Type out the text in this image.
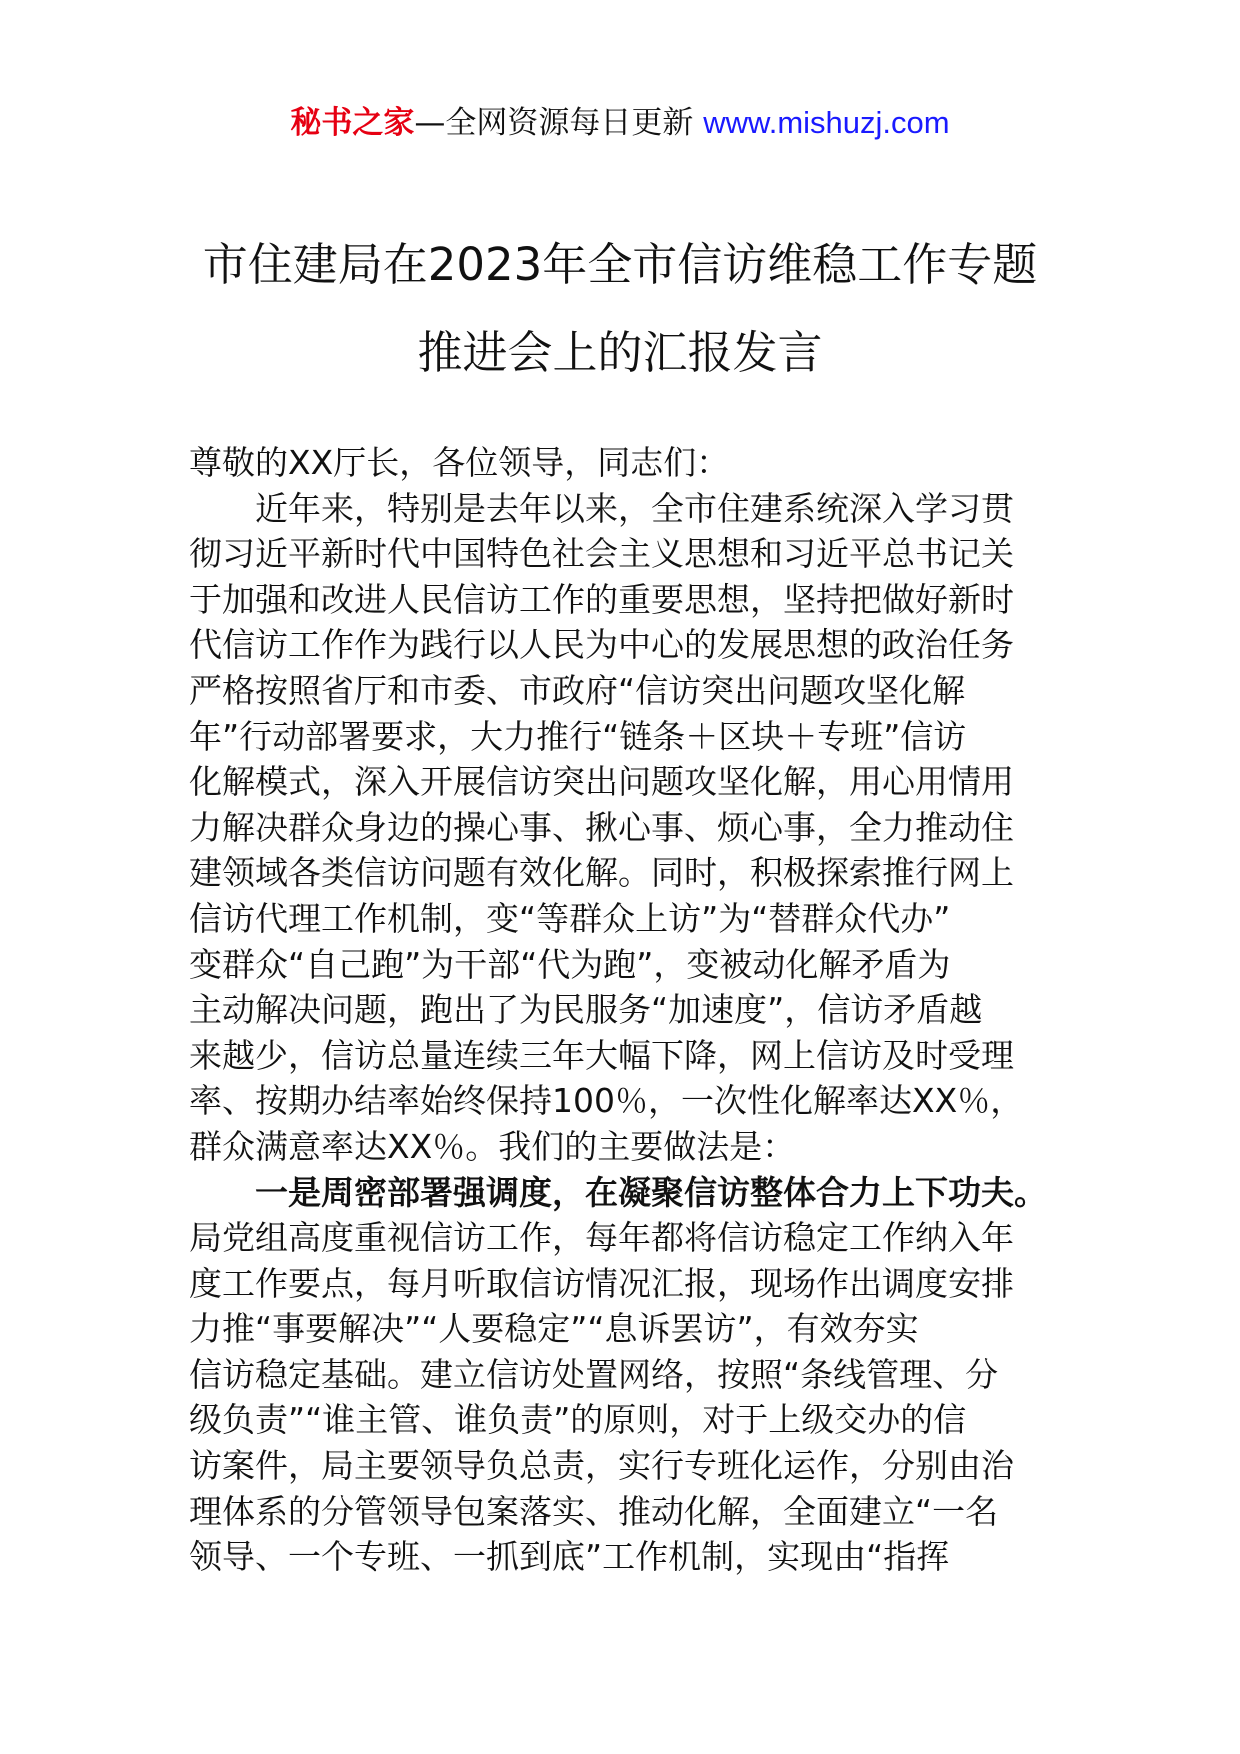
秘书之家—全网资源每日更新 www.mishuzj.com
市住建局在2023年全市信访维稳工作专题
推进会上的汇报发言
尊敬的XX厅长，各位领导，同志们：
近年来，特别是去年以来，全市住建系统深入学习贯
彻习近平新时代中国特色社会主义思想和习近平总书记关
于加强和改进人民信访工作的重要思想，坚持把做好新时
代信访工作作为践行以人民为中心的发展思想的政治任务
严格按照省厅和市委、市政府“信访突出问题攻坚化解
年”行动部署要求，大力推行“链条＋区块＋专班”信访
化解模式，深入开展信访突出问题攻坚化解，用心用情用
力解决群众身边的操心事、揪心事、烦心事，全力推动住
建领域各类信访问题有效化解。同时，积极探索推行网上
信访代理工作机制，变“等群众上访”为“替群众代办”
变群众“自己跑”为干部“代为跑”，变被动化解矛盾为
主动解决问题，跑出了为民服务“加速度”，信访矛盾越
来越少，信访总量连续三年大幅下降，网上信访及时受理
率、按期办结率始终保持100％，一次性化解率达XX％，
群众满意率达XX％。我们的主要做法是：
一是周密部署强调度，在凝聚信访整体合力上下功夫。
局党组高度重视信访工作，每年都将信访稳定工作纳入年
度工作要点，每月听取信访情况汇报，现场作出调度安排
力推“事要解决”“人要稳定”“息诉罢访”，有效夯实
信访稳定基础。建立信访处置网络，按照“条线管理、分
级负责”“谁主管、谁负责”的原则，对于上级交办的信
访案件，局主要领导负总责，实行专班化运作，分别由治
理体系的分管领导包案落实、推动化解，全面建立“一名
领导、一个专班、一抓到底”工作机制，实现由“指挥
